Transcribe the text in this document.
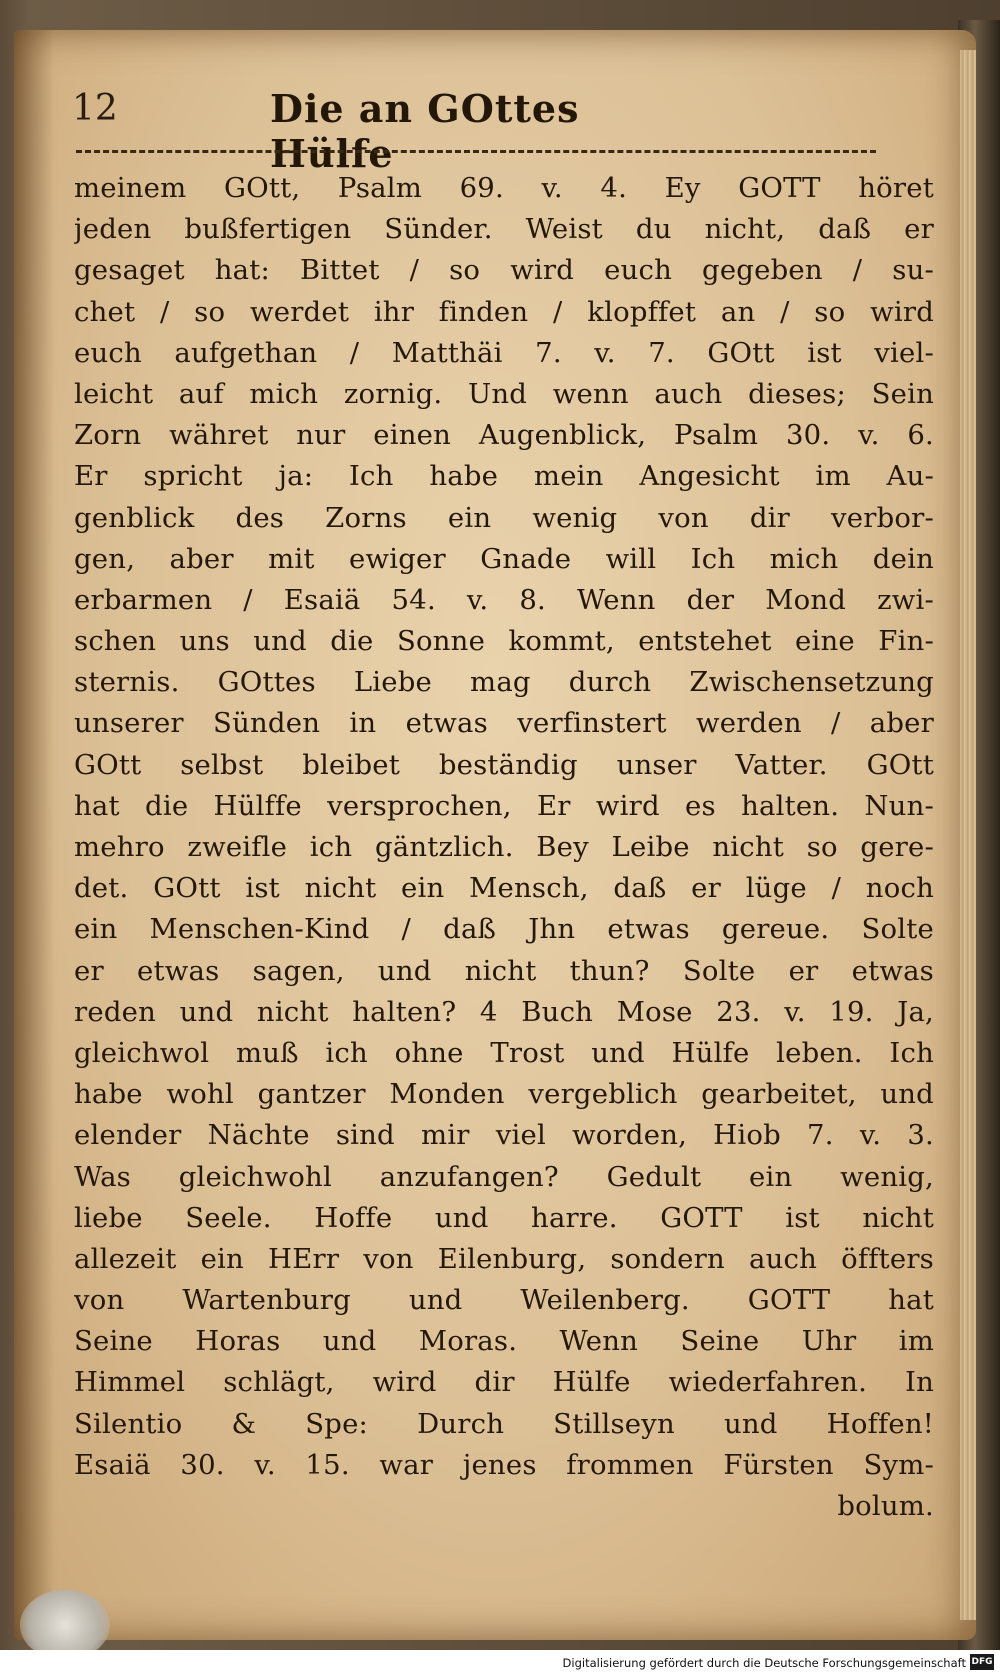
12	Die an GOttes Hülfe
meinem GOtt, Psalm 69. v. 4. Ey GOTT höret
jeden bußfertigen Sünder. Weist du nicht, daß er
gesaget hat: Bittet / so wird euch gegeben / su-
chet / so werdet ihr finden / klopffet an / so wird
euch aufgethan / Matthäi 7. v. 7. GOtt ist viel-
leicht auf mich zornig. Und wenn auch dieses; Sein
Zorn währet nur einen Augenblick, Psalm 30. v. 6.
Er spricht ja: Ich habe mein Angesicht im Au-
genblick des Zorns ein wenig von dir verbor-
gen, aber mit ewiger Gnade will Ich mich dein
erbarmen / Esaiä 54. v. 8. Wenn der Mond zwi-
schen uns und die Sonne kommt, entstehet eine Fin-
sternis. GOttes Liebe mag durch Zwischensetzung
unserer Sünden in etwas verfinstert werden / aber
GOtt selbst bleibet beständig unser Vatter. GOtt
hat die Hülffe versprochen, Er wird es halten. Nun-
mehro zweifle ich gäntzlich. Bey Leibe nicht so gere-
det. GOtt ist nicht ein Mensch, daß er lüge / noch
ein Menschen-Kind / daß Jhn etwas gereue. Solte
er etwas sagen, und nicht thun? Solte er etwas
reden und nicht halten? 4 Buch Mose 23. v. 19. Ja,
gleichwol muß ich ohne Trost und Hülfe leben. Ich
habe wohl gantzer Monden vergeblich gearbeitet, und
elender Nächte sind mir viel worden, Hiob 7. v. 3.
Was gleichwohl anzufangen? Gedult ein wenig,
liebe Seele. Hoffe und harre. GOTT ist nicht
allezeit ein HErr von Eilenburg, sondern auch öffters
von Wartenburg und Weilenberg. GOTT hat
Seine Horas und Moras. Wenn Seine Uhr im
Himmel schlägt, wird dir Hülfe wiederfahren. In
Silentio & Spe: Durch Stillseyn und Hoffen!
Esaiä 30. v. 15. war jenes frommen Fürsten Sym-
bolum.
Digitalisierung gefördert durch die Deutsche Forschungsgemeinschaft DFG
